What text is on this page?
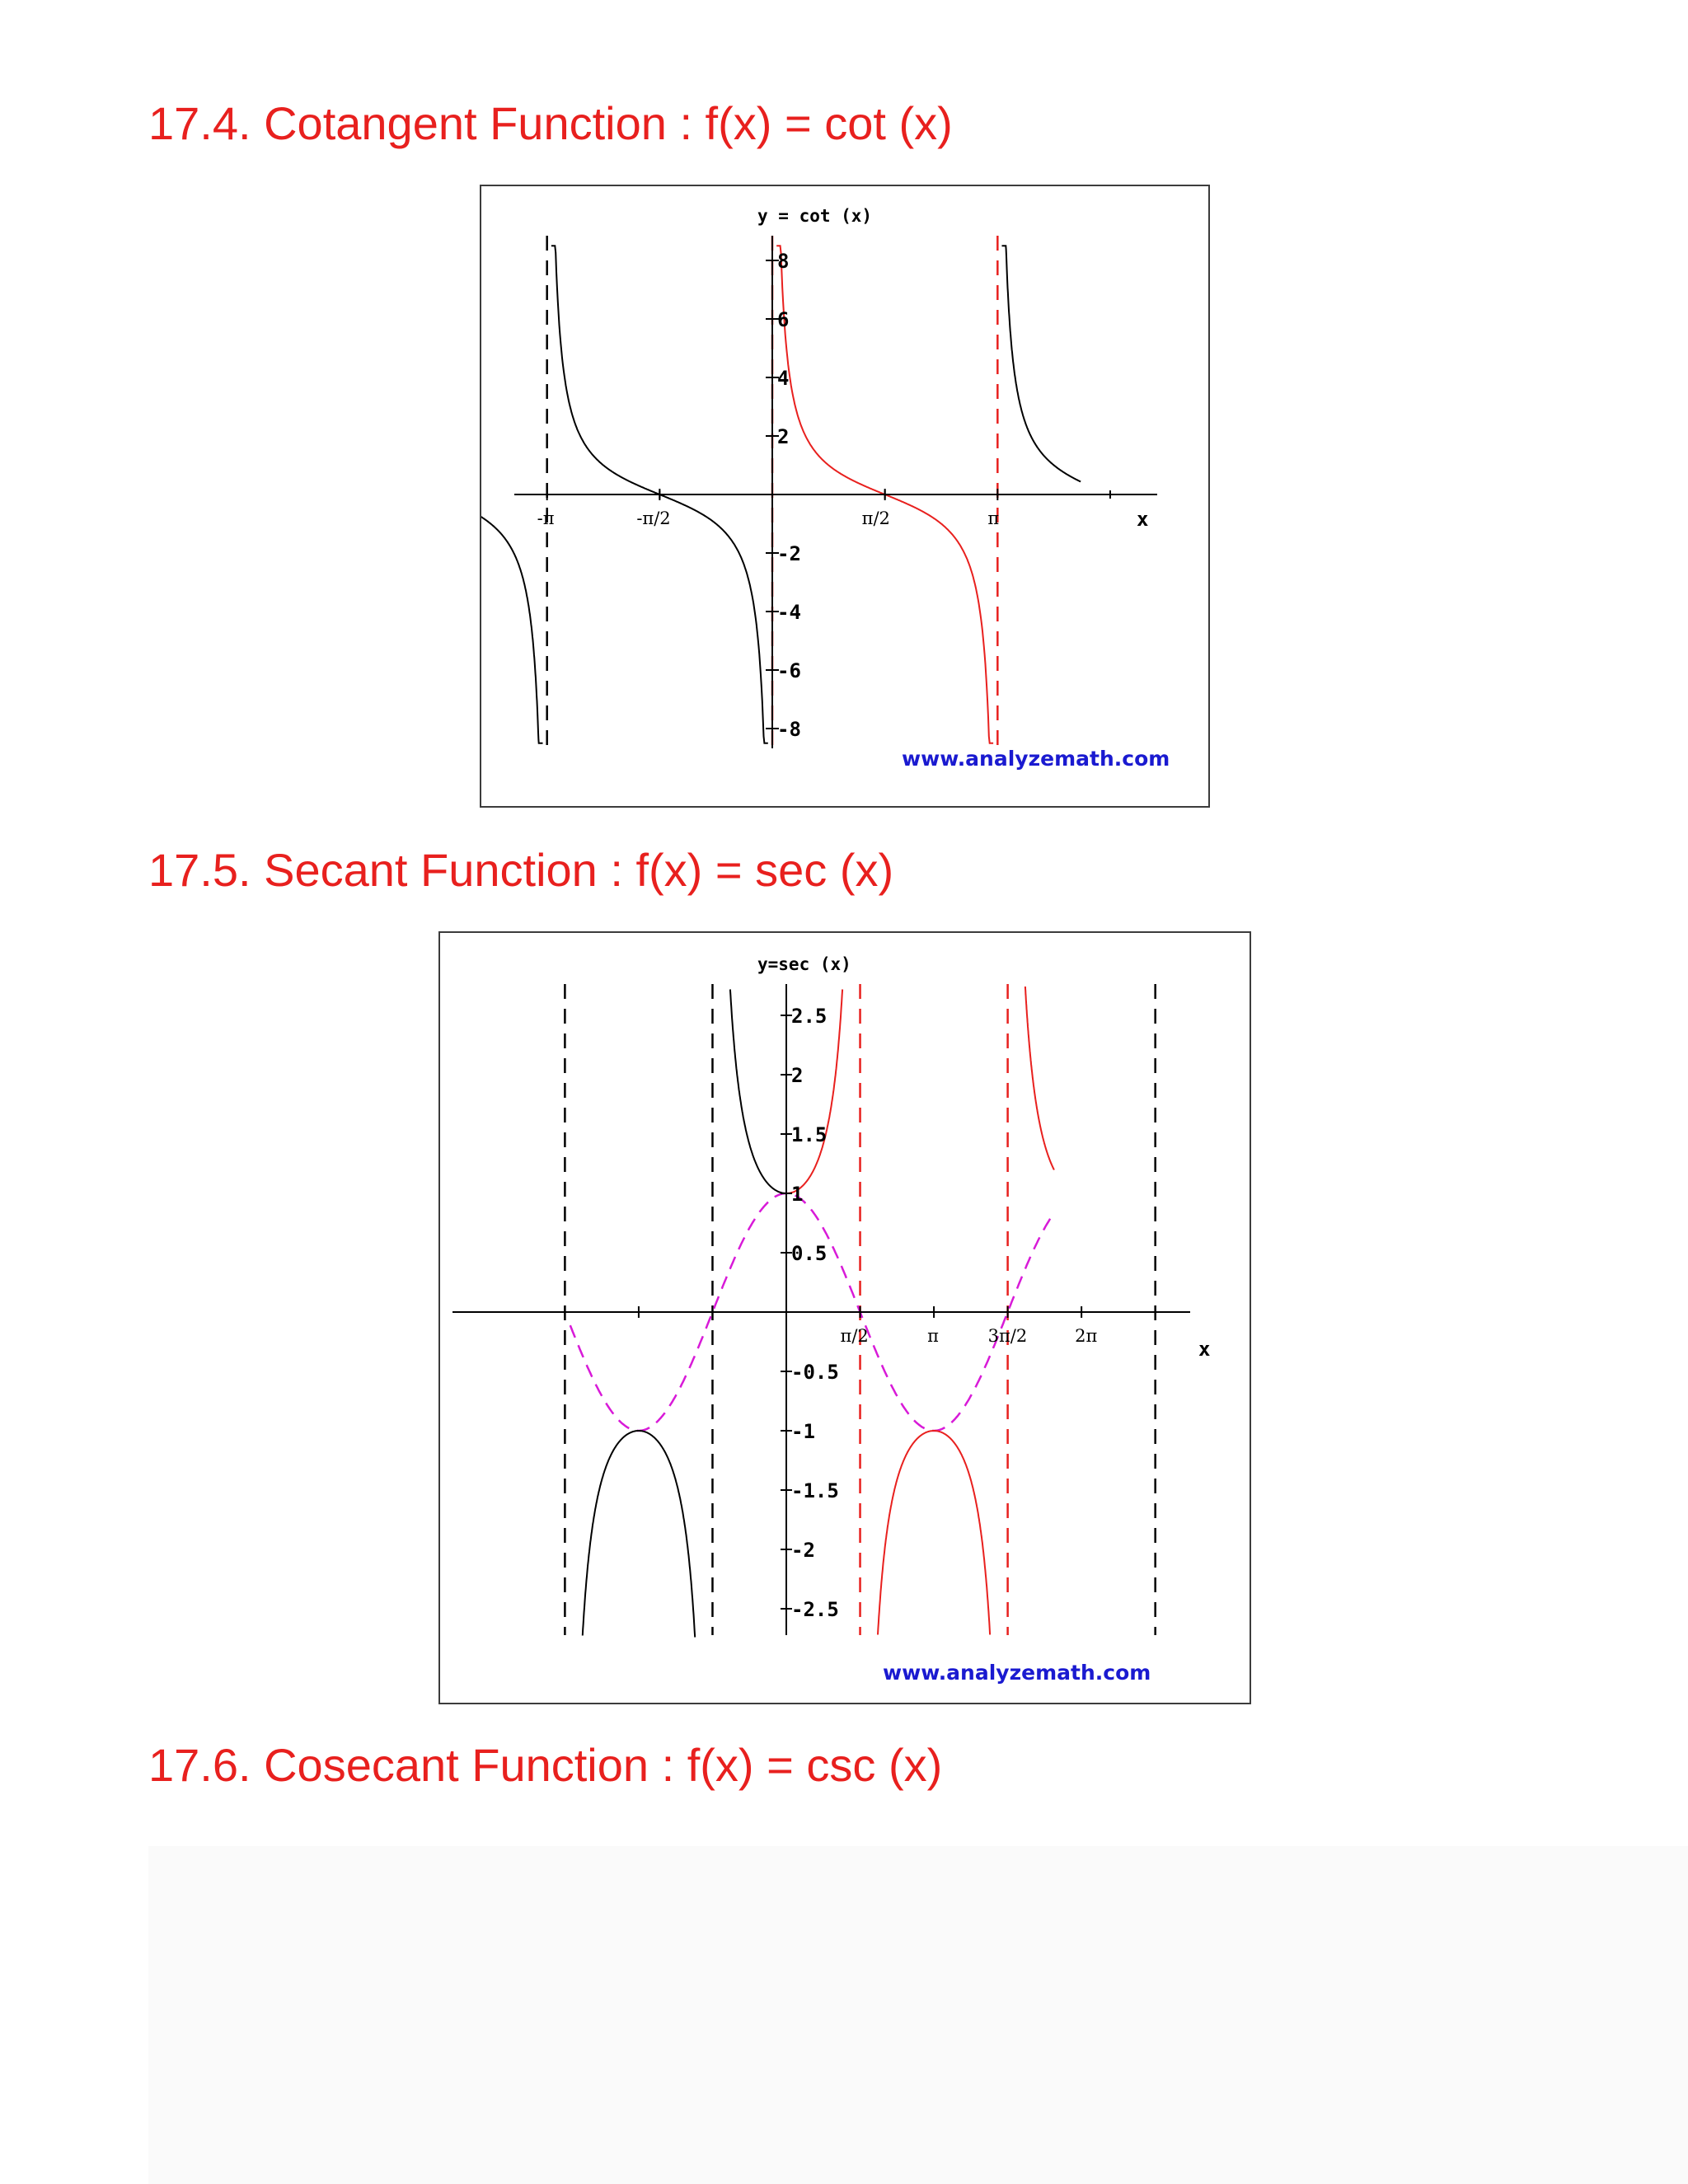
17.4. Cotangent Function : f(x) = cot (x)
8
6
4
2
-2
-4
-6
-8
-π	-π/2	π/2	π
y = cot (x)
x
www.analyzemath.com
17.5. Secant Function : f(x) = sec (x)
2.5
2
1.5
1
0.5
-0.5
-1
-1.5
-2
-2.5
π/2	π	3π/2	2π
y=sec (x)
x
www.analyzemath.com
17.6. Cosecant Function : f(x) = csc (x)
